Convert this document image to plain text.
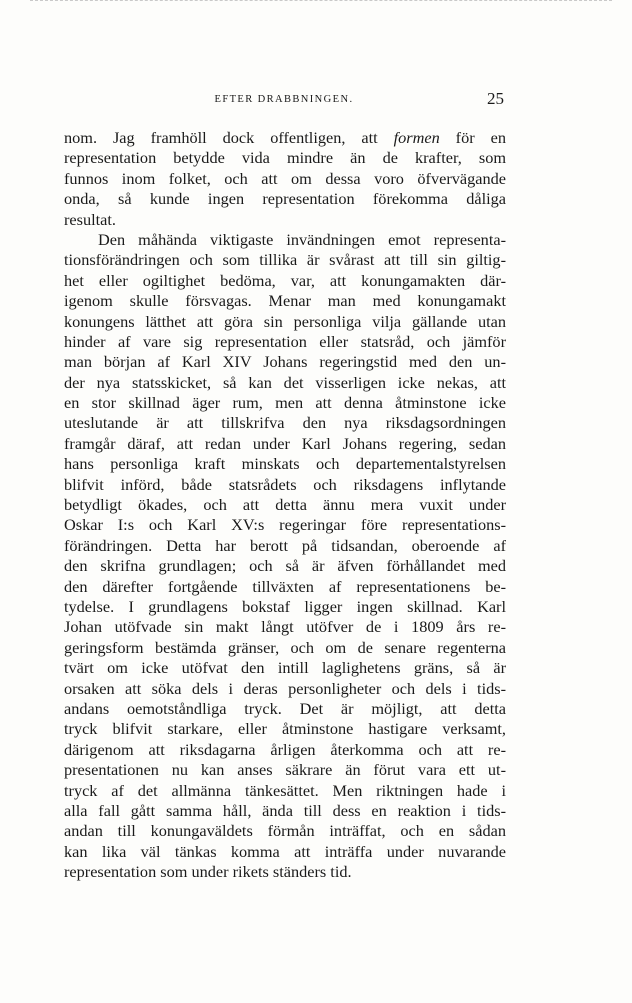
EFTER DRABBNINGEN.	25
nom. Jag framhöll dock offentligen, att formen för en
representation betydde vida mindre än de krafter, som
funnos inom folket, och att om dessa voro öfvervägande
onda, så kunde ingen representation förekomma dåliga
resultat.
Den måhända viktigaste invändningen emot representa-
tionsförändringen och som tillika är svårast att till sin giltig-
het eller ogiltighet bedöma, var, att konungamakten där-
igenom skulle försvagas. Menar man med konungamakt
konungens lätthet att göra sin personliga vilja gällande utan
hinder af vare sig representation eller statsråd, och jämför
man början af Karl XIV Johans regeringstid med den un-
der nya statsskicket, så kan det visserligen icke nekas, att
en stor skillnad äger rum, men att denna åtminstone icke
uteslutande är att tillskrifva den nya riksdagsordningen
framgår däraf, att redan under Karl Johans regering, sedan
hans personliga kraft minskats och departementalstyrelsen
blifvit införd, både statsrådets och riksdagens inflytande
betydligt ökades, och att detta ännu mera vuxit under
Oskar I:s och Karl XV:s regeringar före representations-
förändringen. Detta har berott på tidsandan, oberoende af
den skrifna grundlagen; och så är äfven förhållandet med
den därefter fortgående tillväxten af representationens be-
tydelse. I grundlagens bokstaf ligger ingen skillnad. Karl
Johan utöfvade sin makt långt utöfver de i 1809 års re-
geringsform bestämda gränser, och om de senare regenterna
tvärt om icke utöfvat den intill laglighetens gräns, så är
orsaken att söka dels i deras personligheter och dels i tids-
andans oemotståndliga tryck. Det är möjligt, att detta
tryck blifvit starkare, eller åtminstone hastigare verksamt,
därigenom att riksdagarna årligen återkomma och att re-
presentationen nu kan anses säkrare än förut vara ett ut-
tryck af det allmänna tänkesättet. Men riktningen hade i
alla fall gått samma håll, ända till dess en reaktion i tids-
andan till konungaväldets förmån inträffat, och en sådan
kan lika väl tänkas komma att inträffa under nuvarande
representation som under rikets ständers tid.
